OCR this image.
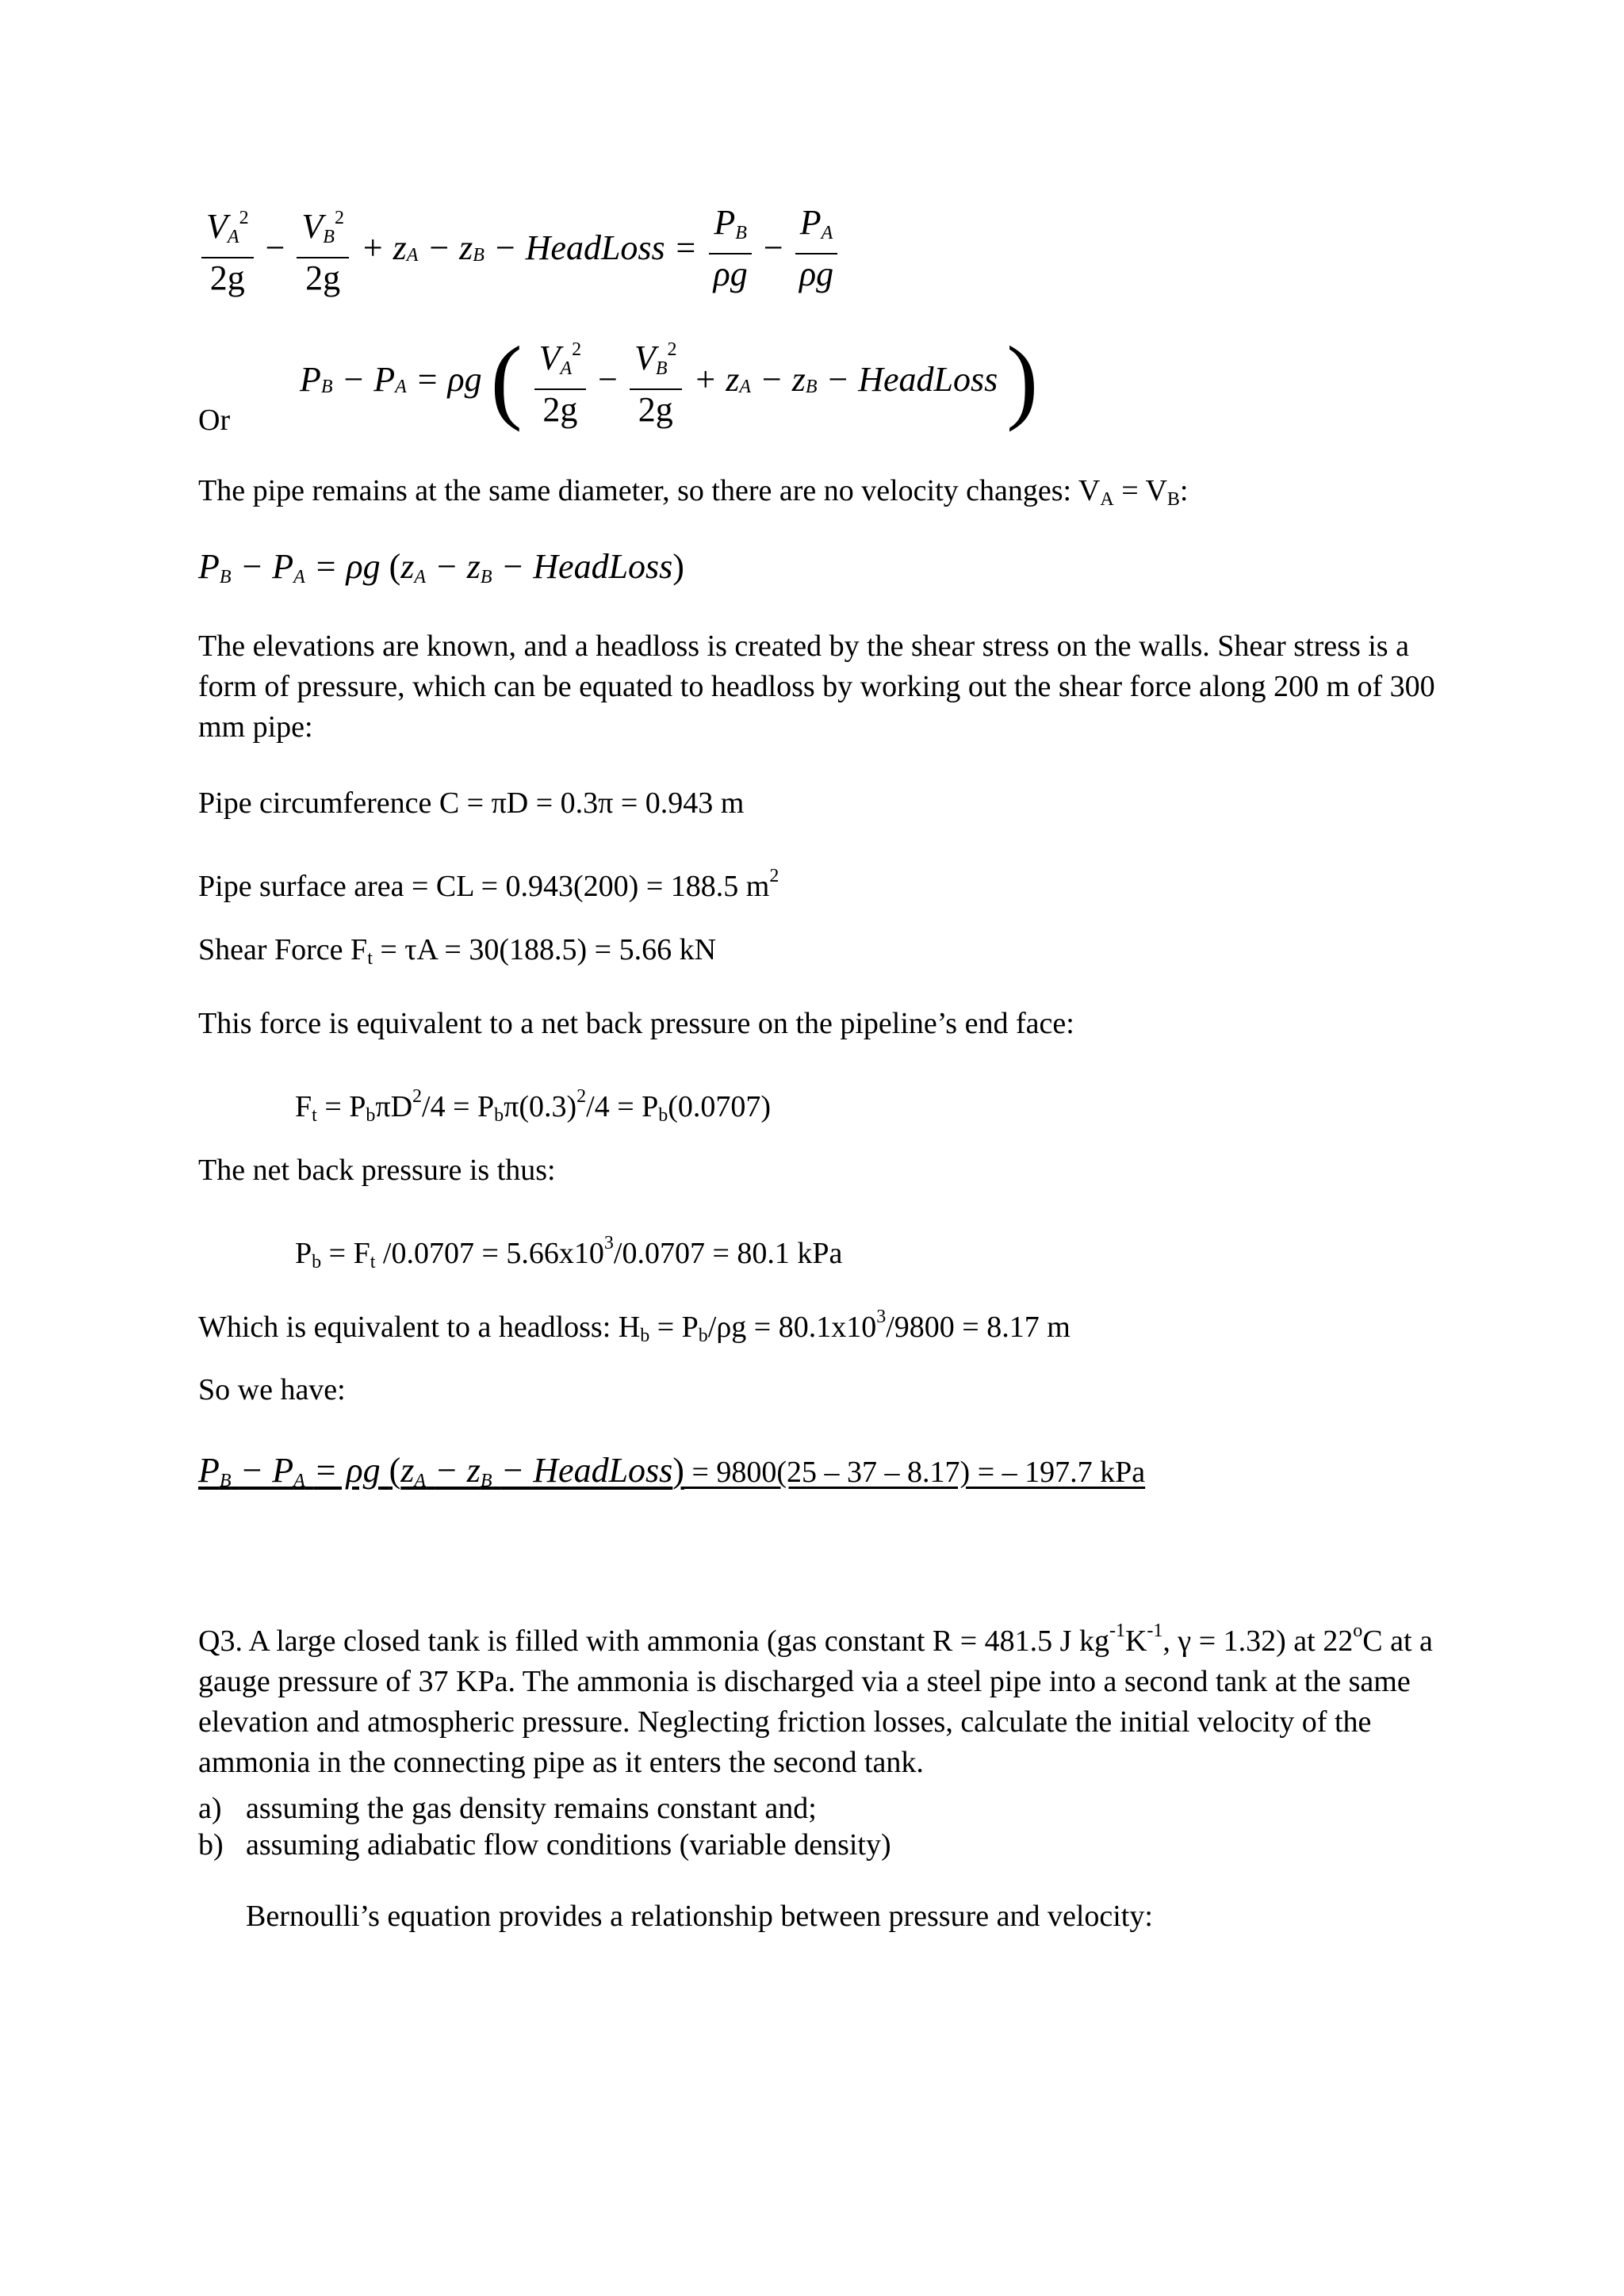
$\frac{V_A^2}{2g} - \frac{V_B^2}{2g} + z_A - z_B$ − HeadLoss = $\frac{P_B}{\rho g} - \frac{P_A}{\rho g}$
Or
$P_B - P_A = \rho g$ ( $\frac{V_A^2}{2g} - \frac{V_B^2}{2g} + z_A - z_B$ − HeadLoss )
The pipe remains at the same diameter, so there are no velocity changes: $V_A = V_B$:
$P_B - P_A = \rho g$ ($z_A - z_B$ − HeadLoss)
The elevations are known, and a headloss is created by the shear stress on the walls. Shear stress is a form of pressure, which can be equated to headloss by working out the shear force along 200 m of 300 mm pipe:
Pipe circumference C = πD = 0.3π = 0.943 m
Pipe surface area = CL = 0.943(200) = 188.5 $m^2$
Shear Force $F_t = \tau A = 30(188.5) = 5.66$ kN
This force is equivalent to a net back pressure on the pipeline’s end face:
$F_t = P_b\pi D^2/4 = P_b\pi(0.3)^2/4 = P_b(0.0707)$
The net back pressure is thus:
$P_b = F_t$ $/0.0707 = 5.66x10^3/0.0707 = 80.1$ kPa
Which is equivalent to a headloss: $H_b = P_b/\rho g = 80.1x10^3/9800 = 8.17$ m
So we have:
$P_B - P_A = \rho g$ ($z_A - z_B$ − HeadLoss) = 9800(25 – 37 – 8.17) = – 197.7 kPa
Q3. A large closed tank is filled with ammonia (gas constant R = 481.5 J $kg^{-1}K^{-1}$, γ = 1.32) at 22$^o$C at a gauge pressure of 37 KPa. The ammonia is discharged via a steel pipe into a second tank at the same elevation and atmospheric pressure. Neglecting friction losses, calculate the initial velocity of the ammonia in the connecting pipe as it enters the second tank.
a) assuming the gas density remains constant and;
b) assuming adiabatic flow conditions (variable density)
Bernoulli’s equation provides a relationship between pressure and velocity:
